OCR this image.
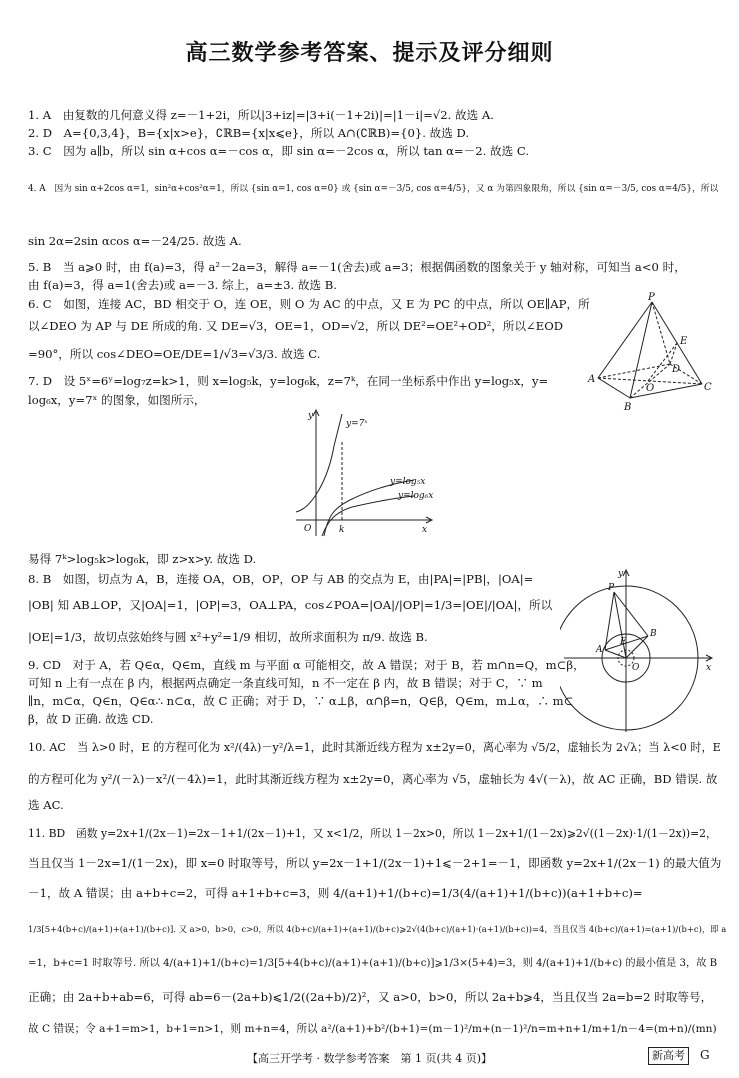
高三数学参考答案、提示及评分细则
1. A　由复数的几何意义得 z=－1+2i，所以|3+iz|=|3+i(－1+2i)|=|1－i|=√2. 故选 A.
2. D　A={0,3,4}，B={x|x>e}，∁ℝB={x|x⩽e}，所以 A∩(∁ℝB)={0}. 故选 D.
3. C　因为 a∥b，所以 sin α+cos α=－cos α，即 sin α=－2cos α，所以 tan α=－2. 故选 C.
4. A　因为 sin α+2cos α=1，sin²α+cos²α=1，所以 {sin α=1, cos α=0} 或 {sin α=－3/5, cos α=4/5}，又 α 为第四象限角，所以 {sin α=－3/5, cos α=4/5}，所以
sin 2α=2sin αcos α=－24/25. 故选 A.
5. B　当 a⩾0 时，由 f(a)=3，得 a²－2a=3，解得 a=－1(舍去)或 a=3；根据偶函数的图象关于 y 轴对称，可知当 a<0 时，
由 f(a)=3，得 a=1(舍去)或 a=－3. 综上，a=±3. 故选 B.
6. C　如图，连接 AC，BD 相交于 O，连 OE，则 O 为 AC 的中点，又 E 为 PC 的中点，所以 OE∥AP，所
以∠DEO 为 AP 与 DE 所成的角. 又 DE=√3，OE=1，OD=√2，所以 DE²=OE²+OD²，所以∠EOD
=90°，所以 cos∠DEO=OE/DE=1/√3=√3/3. 故选 C.
7. D　设 5ˣ=6ʸ=log₇z=k>1，则 x=log₅k，y=log₆k，z=7ᵏ，在同一坐标系中作出 y=log₅x，y=
log₆x，y=7ˣ 的图象，如图所示，
易得 7ᵏ>log₅k>log₆k，即 z>x>y. 故选 D.
8. B　如图，切点为 A，B，连接 OA，OB，OP，OP 与 AB 的交点为 E，由|PA|=|PB|，|OA|=
|OB| 知 AB⊥OP，又|OA|=1，|OP|=3，OA⊥PA，cos∠POA=|OA|/|OP|=1/3=|OE|/|OA|，所以
|OE|=1/3，故切点弦始终与圆 x²+y²=1/9 相切，故所求面积为 π/9. 故选 B.
9. CD　对于 A，若 Q∈α，Q∈m，直线 m 与平面 α 可能相交，故 A 错误；对于 B，若 m∩n=Q，m⊂β，
可知 n 上有一点在 β 内，根据两点确定一条直线可知，n 不一定在 β 内，故 B 错误；对于 C，∵ m
∥n，m⊂α，Q∈n，Q∈α∴ n⊂α，故 C 正确；对于 D，∵ α⊥β，α∩β=n，Q∈β，Q∈m，m⊥α，∴ m⊂
β，故 D 正确. 故选 CD.
10. AC　当 λ>0 时，E 的方程可化为 x²/(4λ)－y²/λ=1，此时其渐近线方程为 x±2y=0，离心率为 √5/2，虚轴长为 2√λ；当 λ<0 时，E
的方程可化为 y²/(－λ)－x²/(－4λ)=1，此时其渐近线方程为 x±2y=0，离心率为 √5，虚轴长为 4√(－λ)，故 AC 正确，BD 错误. 故
选 AC.
11. BD　函数 y=2x+1/(2x－1)=2x－1+1/(2x－1)+1，又 x<1/2，所以 1－2x>0，所以 1－2x+1/(1－2x)⩾2√((1－2x)·1/(1－2x))=2，
当且仅当 1－2x=1/(1－2x)，即 x=0 时取等号，所以 y=2x－1+1/(2x－1)+1⩽－2+1=－1，即函数 y=2x+1/(2x－1) 的最大值为
－1，故 A 错误；由 a+b+c=2，可得 a+1+b+c=3，则 4/(a+1)+1/(b+c)=1/3(4/(a+1)+1/(b+c))(a+1+b+c)=
1/3[5+4(b+c)/(a+1)+(a+1)/(b+c)]. 又 a>0，b>0，c>0，所以 4(b+c)/(a+1)+(a+1)/(b+c)⩾2√(4(b+c)/(a+1)·(a+1)/(b+c))=4，当且仅当 4(b+c)/(a+1)=(a+1)/(b+c)，即 a
=1，b+c=1 时取等号. 所以 4/(a+1)+1/(b+c)=1/3[5+4(b+c)/(a+1)+(a+1)/(b+c)]⩾1/3×(5+4)=3，则 4/(a+1)+1/(b+c) 的最小值是 3，故 B
正确；由 2a+b+ab=6，可得 ab=6－(2a+b)⩽1/2((2a+b)/2)²，又 a>0，b>0，所以 2a+b⩾4，当且仅当 2a=b=2 时取等号，
故 C 错误；令 a+1=m>1，b+1=n>1，则 m+n=4，所以 a²/(a+1)+b²/(b+1)=(m－1)²/m+(n－1)²/n=m+n+1/m+1/n－4=(m+n)/(mn)
P
E
A
D
O
B
C
y
x
O	k
y=7ˣ
y=log₅x
y=log₆x
y
x
O
P
A
B
E
【高三开学考 · 数学参考答案　第 1 页(共 4 页)】	新高考	G
